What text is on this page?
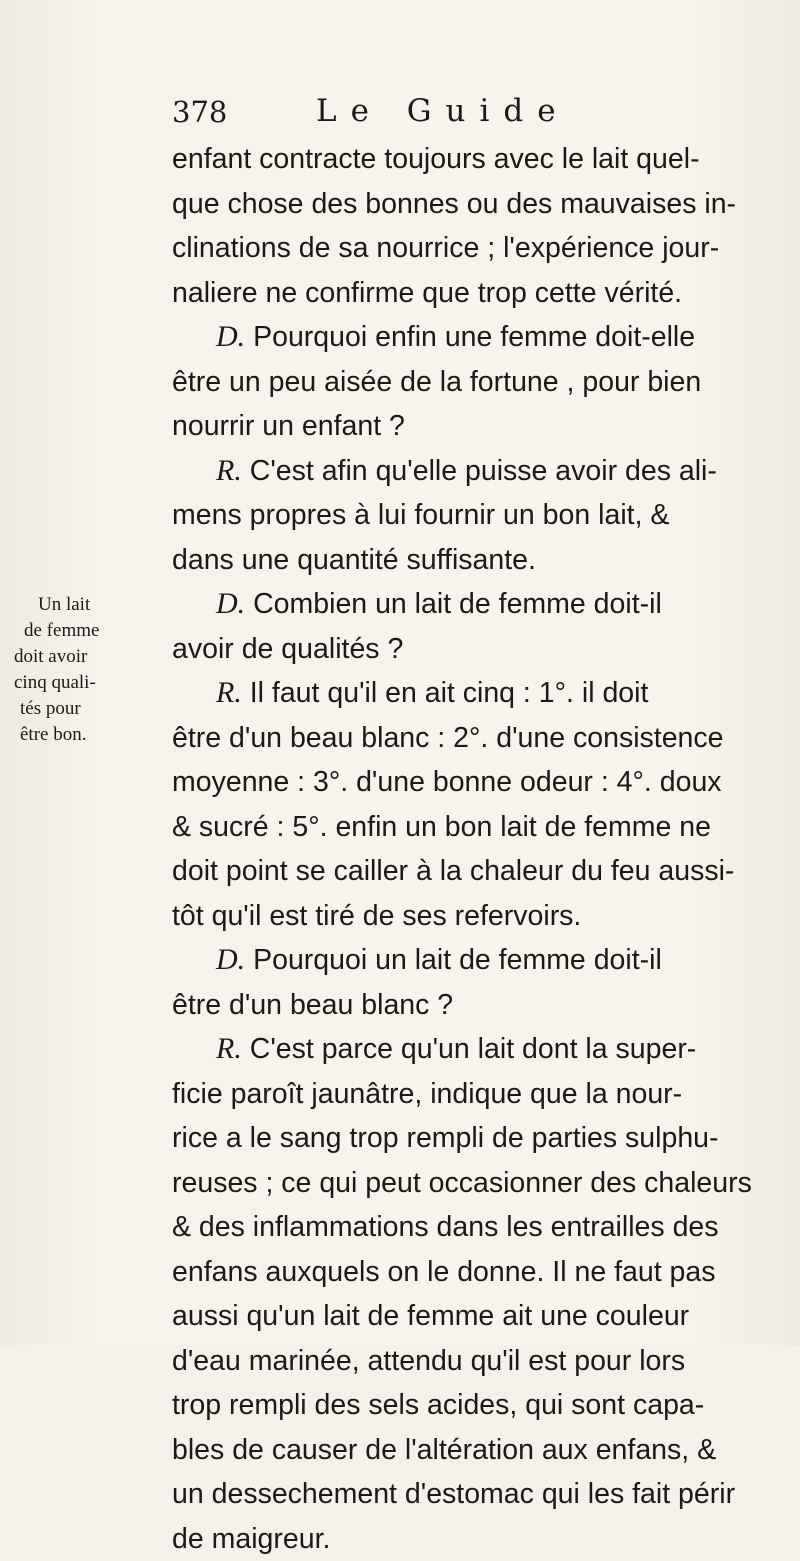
378	Le Guide
Un lait
de femme
doit avoir
cinq quali-
tés pour
être bon.

enfant contracte toujours avec le lait quel-
que chose des bonnes ou des mauvaises in-
clinations de sa nourrice ; l'expérience jour-
naliere ne confirme que trop cette vérité.

D. Pourquoi enfin une femme doit-elle
être un peu aisée de la fortune , pour bien
nourrir un enfant ?

R. C'est afin qu'elle puisse avoir des ali-
mens propres à lui fournir un bon lait, &
dans une quantité suffisante.

D. Combien un lait de femme doit-il
avoir de qualités ?

R. Il faut qu'il en ait cinq : 1°. il doit
être d'un beau blanc : 2°. d'une consistence
moyenne : 3°. d'une bonne odeur : 4°. doux
& sucré : 5°. enfin un bon lait de femme ne
doit point se cailler à la chaleur du feu aussi-
tôt qu'il est tiré de ses refervoirs.

D. Pourquoi un lait de femme doit-il
être d'un beau blanc ?

R. C'est parce qu'un lait dont la super-
ficie paroît jaunâtre, indique que la nour-
rice a le sang trop rempli de parties sulphu-
reuses ; ce qui peut occasionner des chaleurs
& des inflammations dans les entrailles des
enfans auxquels on le donne. Il ne faut pas
aussi qu'un lait de femme ait une couleur
d'eau marinée, attendu qu'il est pour lors
trop rempli des sels acides, qui sont capa-
bles de causer de l'altération aux enfans, &
un dessechement d'estomac qui les fait périr
de maigreur.
